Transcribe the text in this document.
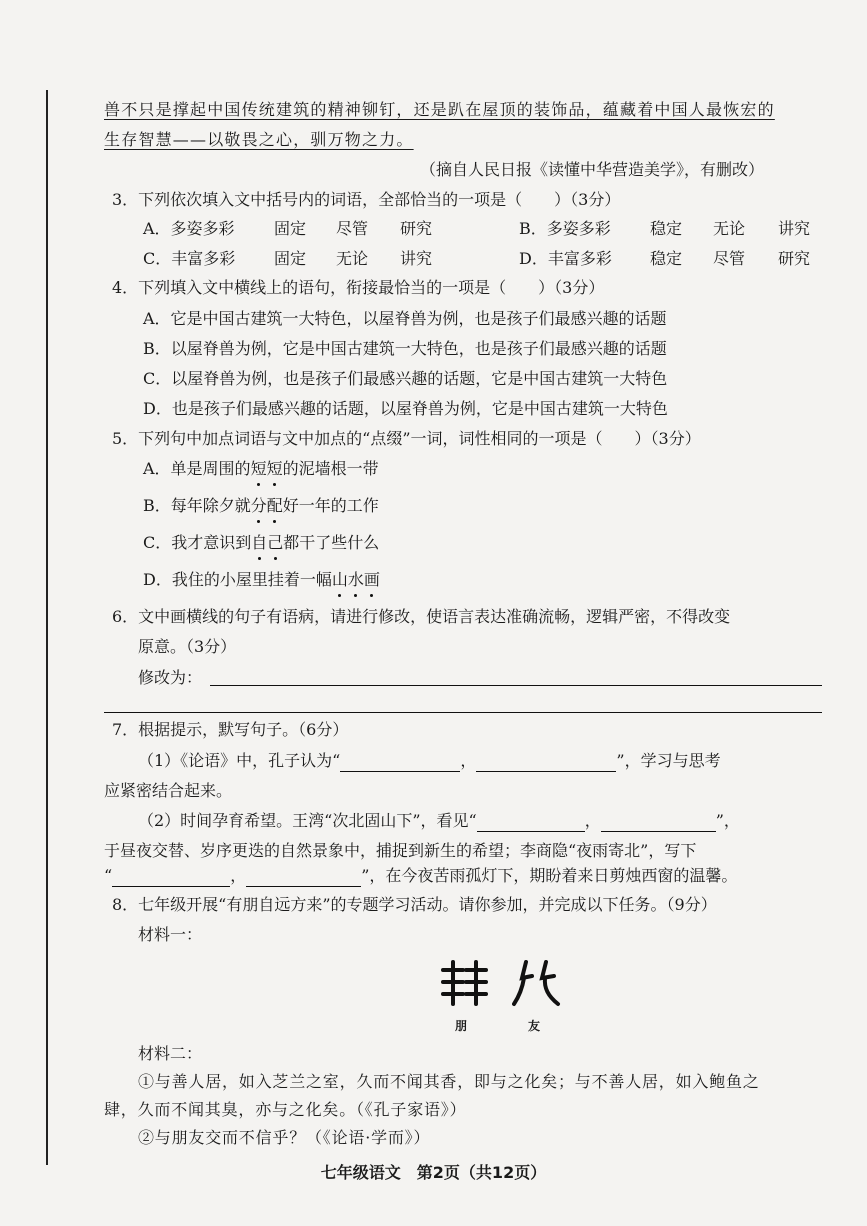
兽不只是撑起中国传统建筑的精神铆钉，还是趴在屋顶的装饰品，蕴藏着中国人最恢宏的
生存智慧——以敬畏之心，驯万物之力。
（摘自人民日报《读懂中华营造美学》，有删改）
3．下列依次填入文中括号内的词语，全部恰当的一项是（　　）（3分）
A．多姿多彩 固定 尽管 研究	B．多姿多彩 稳定 无论 讲究
C．丰富多彩 固定 无论 讲究	D．丰富多彩 稳定 尽管 研究
4．下列填入文中横线上的语句，衔接最恰当的一项是（　　）（3分）
A．它是中国古建筑一大特色，以屋脊兽为例，也是孩子们最感兴趣的话题
B．以屋脊兽为例，它是中国古建筑一大特色，也是孩子们最感兴趣的话题
C．以屋脊兽为例，也是孩子们最感兴趣的话题，它是中国古建筑一大特色
D．也是孩子们最感兴趣的话题，以屋脊兽为例，它是中国古建筑一大特色
5．下列句中加点词语与文中加点的“点缀”一词，词性相同的一项是（　　）（3分）
A．单是周围的短短的泥墙根一带
B．每年除夕就分配好一年的工作
C．我才意识到自己都干了些什么
D．我住的小屋里挂着一幅山水画
6．文中画横线的句子有语病，请进行修改，使语言表达准确流畅，逻辑严密，不得改变
原意。（3分）
修改为：
7．根据提示，默写句子。（6分）
（1）《论语》中，孔子认为“	，	”，学习与思考
应紧密结合起来。
（2）时间孕育希望。王湾“次北固山下”，看见“	，	”，
于昼夜交替、岁序更迭的自然景象中，捕捉到新生的希望；李商隐“夜雨寄北”，写下
“	，	”，在今夜苦雨孤灯下，期盼着来日剪烛西窗的温馨。
8．七年级开展“有朋自远方来”的专题学习活动。请你参加，并完成以下任务。（9分）
材料一：
朋	友
材料二：
①与善人居，如入芝兰之室，久而不闻其香，即与之化矣；与不善人居，如入鲍鱼之
肆，久而不闻其臭，亦与之化矣。（《孔子家语》）
②与朋友交而不信乎？（《论语·学而》）
七年级语文　第2页（共12页）
